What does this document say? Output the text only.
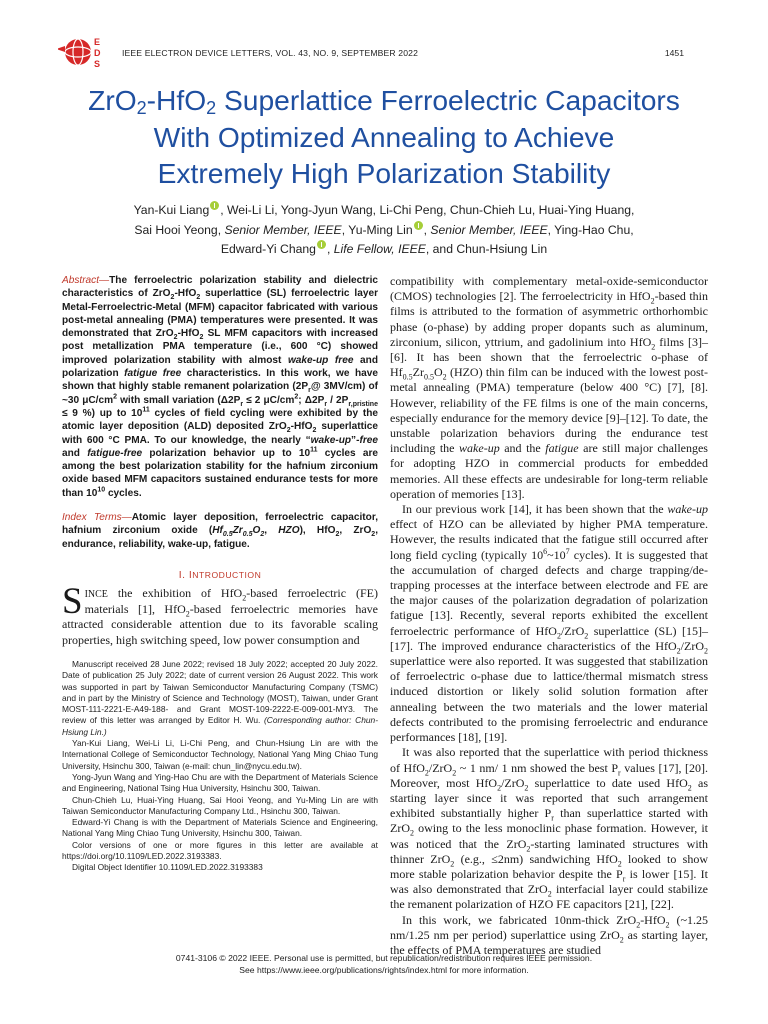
E
D
S
IEEE ELECTRON DEVICE LETTERS, VOL. 43, NO. 9, SEPTEMBER 2022	1451
ZrO$_2$-HfO$_2$ Superlattice Ferroelectric Capacitors
With Optimized Annealing to Achieve
Extremely High Polarization Stability
Yan-Kui Liang , Wei-Li Li, Yong-Jyun Wang, Li-Chi Peng, Chun-Chieh Lu, Huai-Ying Huang,
Sai Hooi Yeong, Senior Member, IEEE, Yu-Ming Lin , Senior Member, IEEE, Ying-Hao Chu,
Edward-Yi Chang , Life Fellow, IEEE, and Chun-Hsiung Lin
Abstract—The ferroelectric polarization stability and dielectric characteristics of ZrO$_2$-HfO$_2$ superlattice (SL) ferroelectric layer Metal-Ferroelectric-Metal (MFM) capacitor fabricated with various post-metal annealing (PMA) temperatures were presented. It was demonstrated that ZrO$_2$-HfO$_2$ SL MFM capacitors with increased post metallization PMA temperature (i.e., 600 °C) showed improved polarization stability with almost wake-up free and polarization fatigue free characteristics. In this work, we have shown that highly stable remanent polarization ($2P_r@$ 3MV/cm) of ~30 $\mu C/cm^2$ with small variation ($\Delta 2P_r \le 2$ $\mu C/cm^2$; $\Delta 2P_r / 2P_{r,pristine} \le 9$ %) up to $10^{11}$ cycles of field cycling were exhibited by the atomic layer deposition (ALD) deposited ZrO$_2$-HfO$_2$ superlattice with 600 °C PMA. To our knowledge, the nearly “wake-up”-free and fatigue-free polarization behavior up to $10^{11}$ cycles are among the best polarization stability for the hafnium zirconium oxide based MFM capacitors sustained endurance tests for more than $10^{10}$ cycles.
Index Terms—Atomic layer deposition, ferroelectric capacitor, hafnium zirconium oxide ($Hf_{0.5}Zr_{0.5}O_2$, HZO), HfO$_2$, ZrO$_2$, endurance, reliability, wake-up, fatigue.
I. INTRODUCTION

SINCE the exhibition of HfO$_2$-based ferroelectric (FE) materials [1], HfO$_2$-based ferroelectric memories have attracted considerable attention due to its favorable scaling properties, high switching speed, low power consumption and

Manuscript received 28 June 2022; revised 18 July 2022; accepted 20 July 2022. Date of publication 25 July 2022; date of current version 26 August 2022. This work was supported in part by Taiwan Semiconductor Manufacturing Company (TSMC) and in part by the Ministry of Science and Technology (MOST), Taiwan, under Grant MOST-111-2221-E-A49-188- and Grant MOST-109-2222-E-009-001-MY3. The review of this letter was arranged by Editor H. Wu. (Corresponding author: Chun-Hsiung Lin.)

Yan-Kui Liang, Wei-Li Li, Li-Chi Peng, and Chun-Hsiung Lin are with the International College of Semiconductor Technology, National Yang Ming Chiao Tung University, Hsinchu 300, Taiwan (e-mail: chun_lin@nycu.edu.tw).

Yong-Jyun Wang and Ying-Hao Chu are with the Department of Materials Science and Engineering, National Tsing Hua University, Hsinchu 300, Taiwan.

Chun-Chieh Lu, Huai-Ying Huang, Sai Hooi Yeong, and Yu-Ming Lin are with Taiwan Semiconductor Manufacturing Company Ltd., Hsinchu 300, Taiwan.

Edward-Yi Chang is with the Department of Materials Science and Engineering, National Yang Ming Chiao Tung University, Hsinchu 300, Taiwan.

Color versions of one or more figures in this letter are available at https://doi.org/10.1109/LED.2022.3193383.

Digital Object Identifier 10.1109/LED.2022.3193383

compatibility with complementary metal-oxide-semiconductor (CMOS) technologies [2]. The ferroelectricity in HfO$_2$-based thin films is attributed to the formation of asymmetric orthorhombic phase (o-phase) by adding proper dopants such as aluminum, zirconium, silicon, yttrium, and gadolinium into HfO$_2$ films [3]–[6]. It has been shown that the ferroelectric o-phase of $Hf_{0.5}Zr_{0.5}O_2$ (HZO) thin film can be induced with the lowest post-metal annealing (PMA) temperature (below 400 °C) [7], [8]. However, reliability of the FE films is one of the main concerns, especially endurance for the memory device [9]–[12]. To date, the unstable polarization behaviors during the endurance test including the wake-up and the fatigue are still major challenges for adopting HZO in commercial products for embedded memories. All these effects are undesirable for long-term reliable operation of memories [13].

In our previous work [14], it has been shown that the wake-up effect of HZO can be alleviated by higher PMA temperature. However, the results indicated that the fatigue still occurred after long field cycling (typically $10^6\sim 10^7$ cycles). It is suggested that the accumulation of charged defects and charge trapping/de-trapping processes at the interface between electrode and FE are the major causes of the polarization degradation of polarization fatigue [13]. Recently, several reports exhibited the excellent ferroelectric performance of HfO$_2$/ZrO$_2$ superlattice (SL) [15]–[17]. The improved endurance characteristics of the HfO$_2$/ZrO$_2$ superlattice were also reported. It was suggested that stabilization of ferroelectric o-phase due to lattice/thermal mismatch stress induced distortion or likely solid solution formation after annealing between the two materials and the lower material defects contributed to the promising ferroelectric and endurance performances [18], [19].

It was also reported that the superlattice with period thickness of HfO$_2$/ZrO$_2$ ~ 1 nm/ 1 nm showed the best $P_r$ values [17], [20]. Moreover, most HfO$_2$/ZrO$_2$ superlattice to date used HfO$_2$ as starting layer since it was reported that such arrangement exhibited substantially higher $P_r$ than superlattice started with ZrO$_2$ owing to the less monoclinic phase formation. However, it was noticed that the ZrO$_2$-starting laminated structures with thinner ZrO$_2$ (e.g., ≤2nm) sandwiching HfO$_2$ looked to show more stable polarization behavior despite the $P_r$ is lower [15]. It was also demonstrated that ZrO$_2$ interfacial layer could stabilize the remanent polarization of HZO FE capacitors [21], [22].

In this work, we fabricated 10nm-thick ZrO$_2$-HfO$_2$ (~1.25 nm/1.25 nm per period) superlattice using ZrO$_2$ as starting layer, the effects of PMA temperatures are studied

0741-3106 © 2022 IEEE. Personal use is permitted, but republication/redistribution requires IEEE permission.
See https://www.ieee.org/publications/rights/index.html for more information.
